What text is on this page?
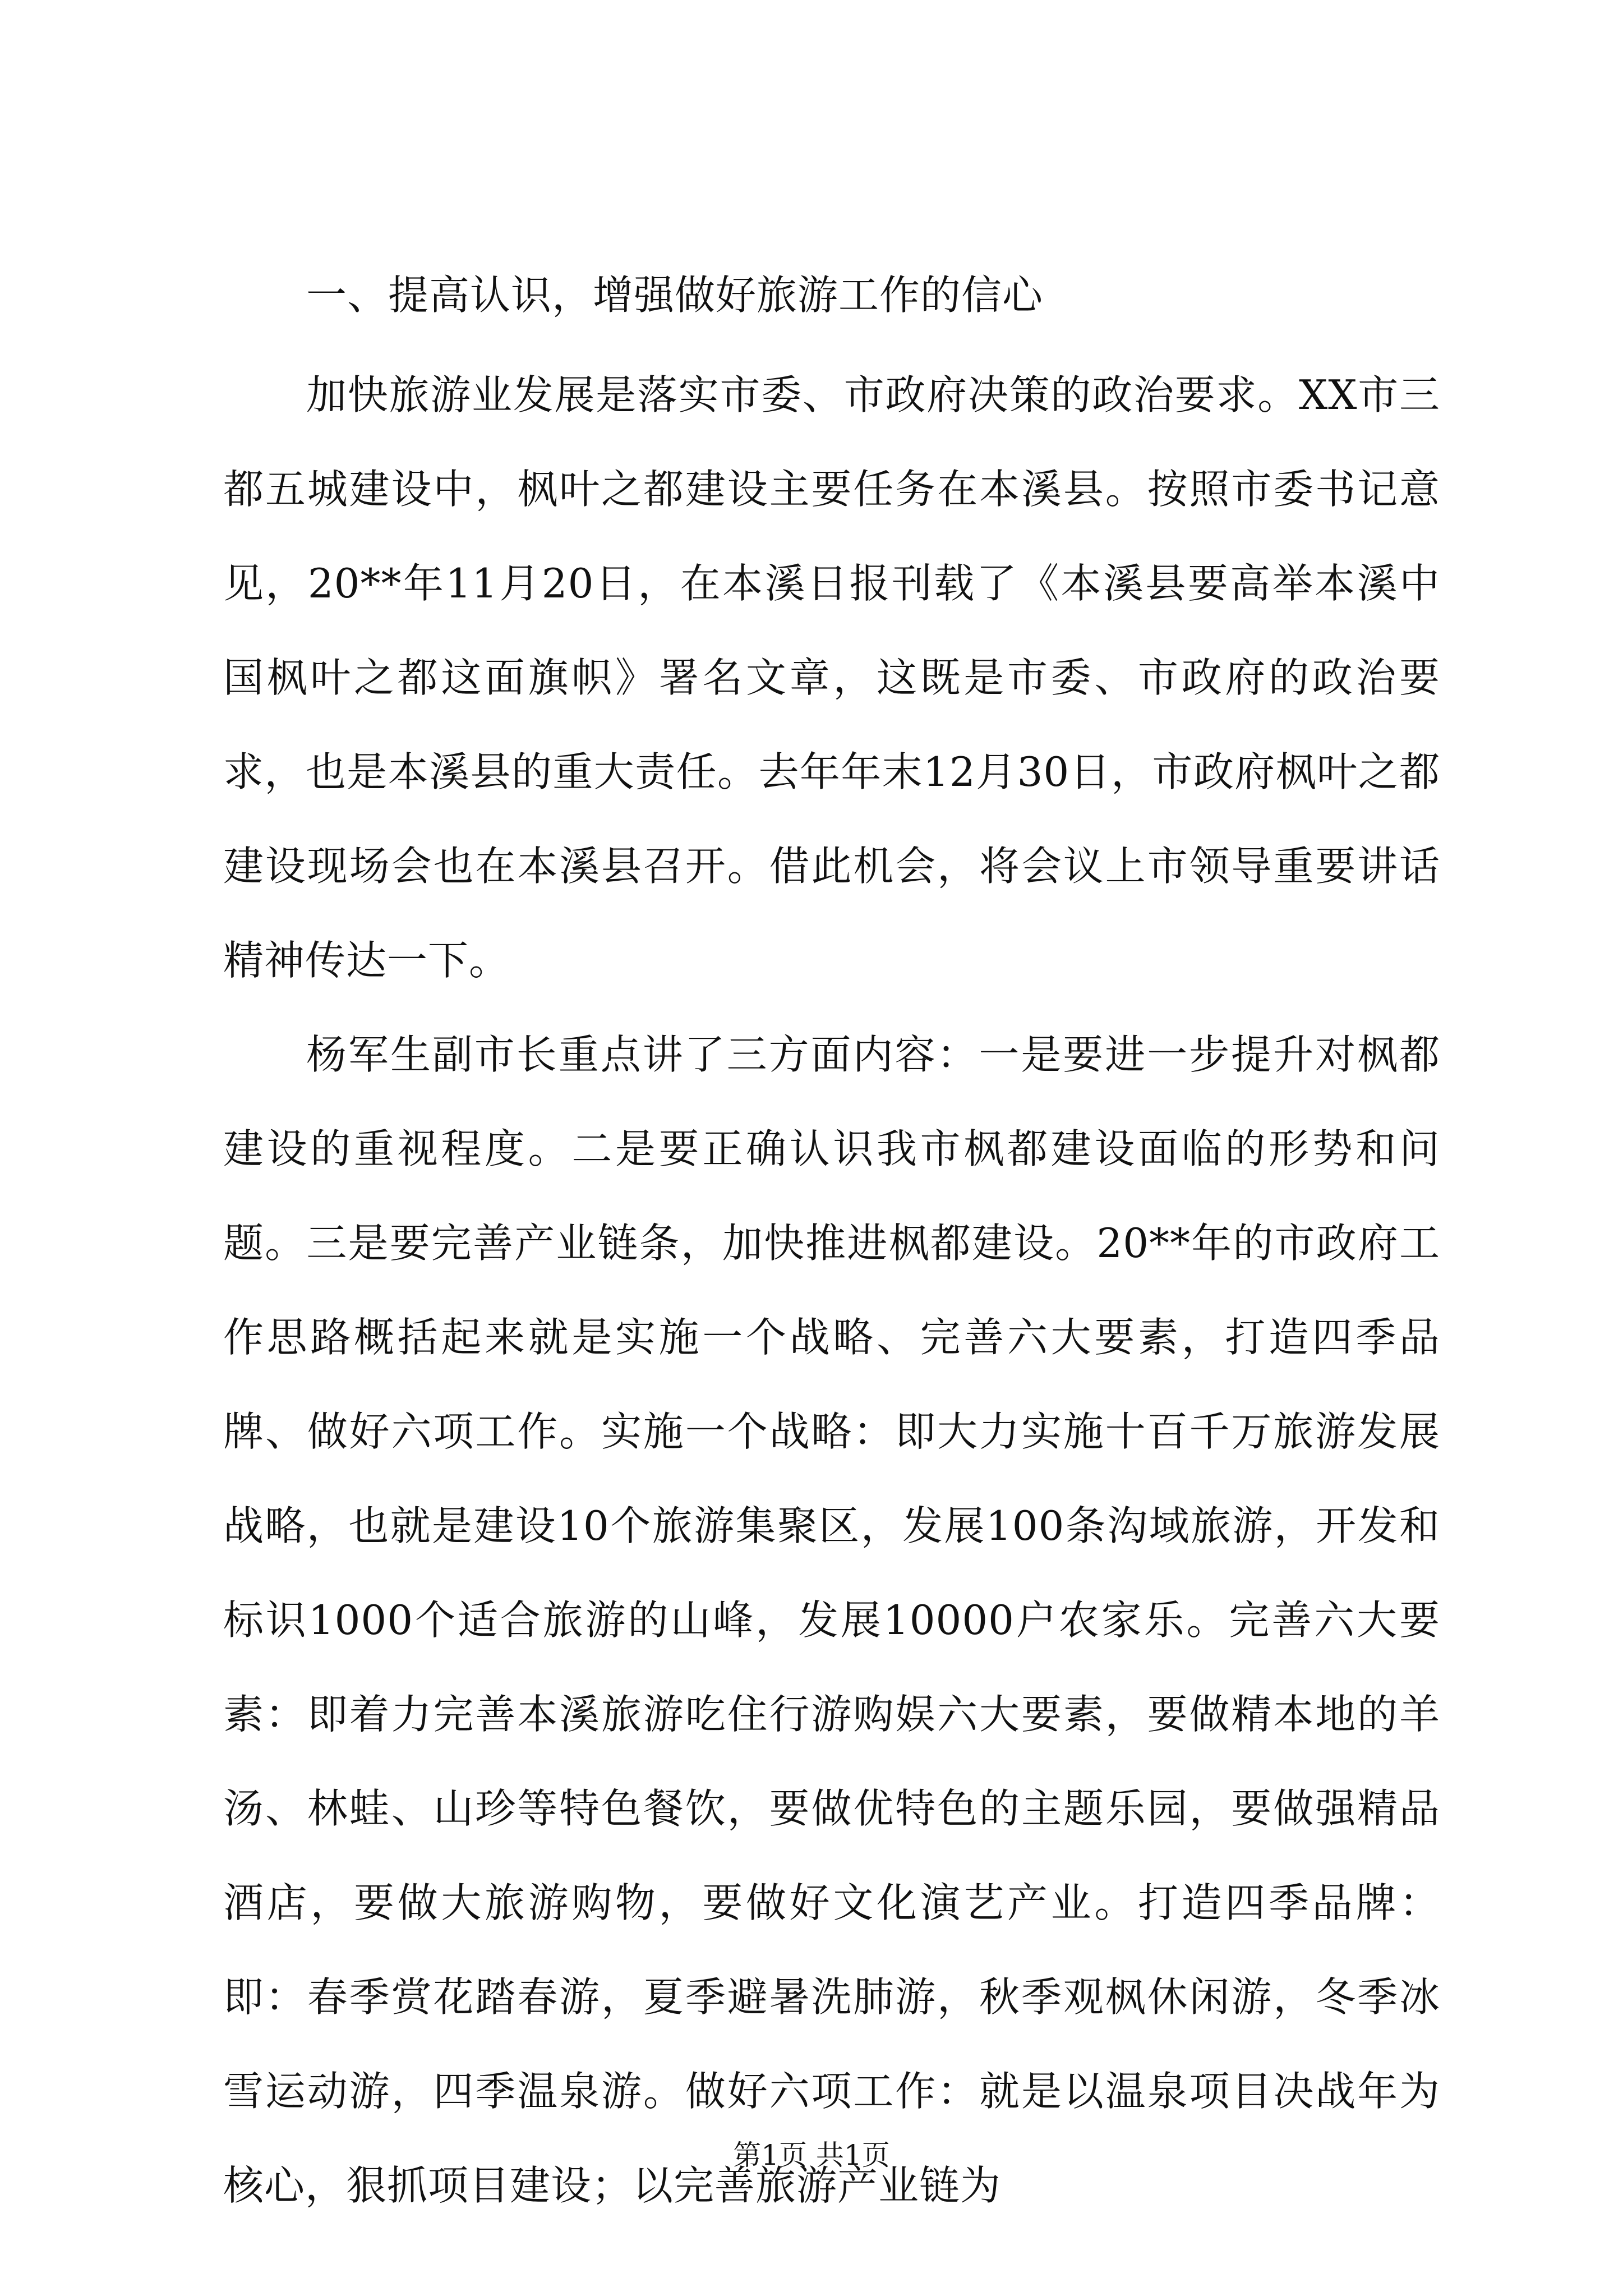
一、提高认识，增强做好旅游工作的信心

加快旅游业发展是落实市委、市政府决策的政治要求。XX市三都五城建设中，枫叶之都建设主要任务在本溪县。按照市委书记意见，20**年11月20日，在本溪日报刊载了《本溪县要高举本溪中国枫叶之都这面旗帜》署名文章，这既是市委、市政府的政治要求，也是本溪县的重大责任。去年年末12月30日，市政府枫叶之都建设现场会也在本溪县召开。借此机会，将会议上市领导重要讲话精神传达一下。

杨军生副市长重点讲了三方面内容：一是要进一步提升对枫都建设的重视程度。二是要正确认识我市枫都建设面临的形势和问题。三是要完善产业链条，加快推进枫都建设。20**年的市政府工作思路概括起来就是实施一个战略、完善六大要素，打造四季品牌、做好六项工作。实施一个战略：即大力实施十百千万旅游发展战略，也就是建设10个旅游集聚区，发展100条沟域旅游，开发和标识1000个适合旅游的山峰，发展10000户农家乐。完善六大要素：即着力完善本溪旅游吃住行游购娱六大要素，要做精本地的羊汤、林蛙、山珍等特色餐饮，要做优特色的主题乐园，要做强精品酒店，要做大旅游购物，要做好文化演艺产业。打造四季品牌：即：春季赏花踏春游，夏季避暑洗肺游，秋季观枫休闲游，冬季冰雪运动游，四季温泉游。做好六项工作：就是以温泉项目决战年为核心，狠抓项目建设；以完善旅游产业链为

第1页 共1页
